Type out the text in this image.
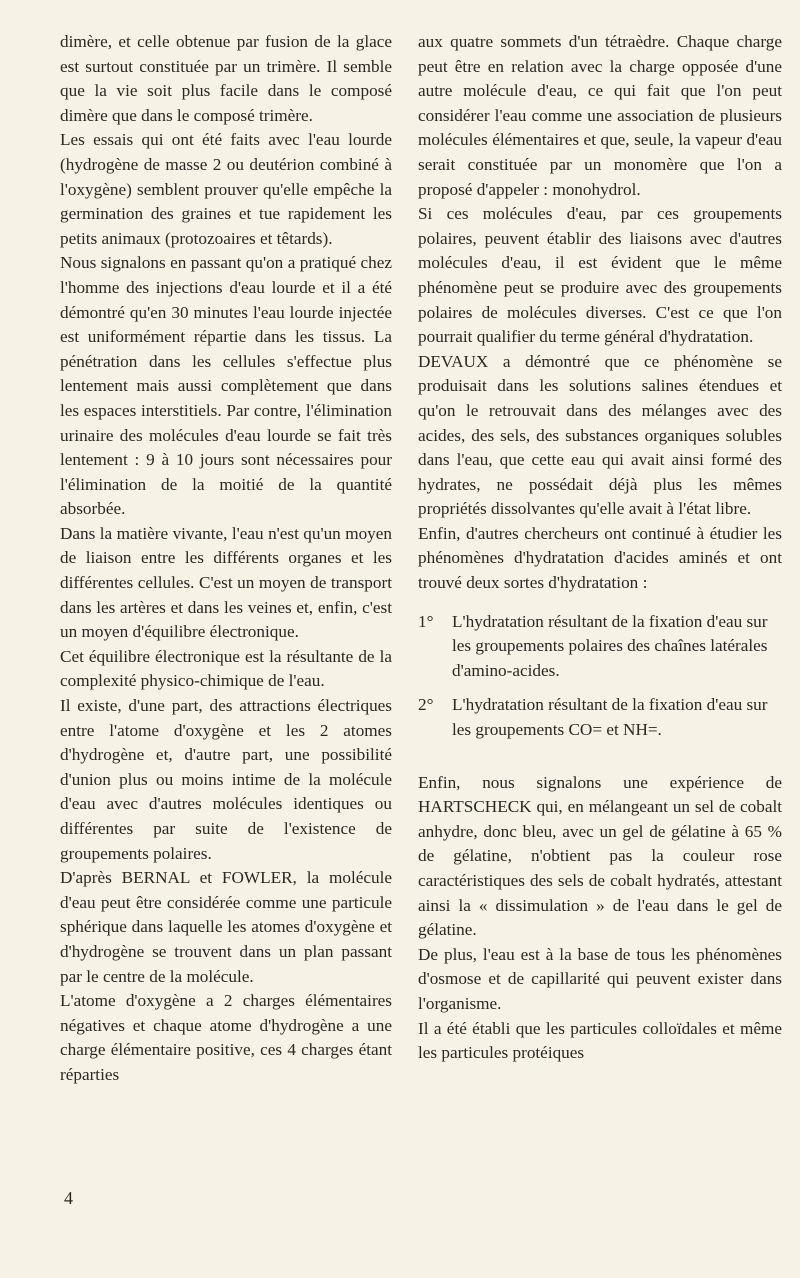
dimère, et celle obtenue par fusion de la glace est surtout constituée par un trimère. Il semble que la vie soit plus facile dans le composé dimère que dans le composé trimère.

Les essais qui ont été faits avec l'eau lourde (hydrogène de masse 2 ou deutérion combiné à l'oxygène) semblent prouver qu'elle empêche la germination des graines et tue rapidement les petits animaux (protozoaires et têtards).

Nous signalons en passant qu'on a pratiqué chez l'homme des injections d'eau lourde et il a été démontré qu'en 30 minutes l'eau lourde injectée est uniformément répartie dans les tissus. La pénétration dans les cellules s'effectue plus lentement mais aussi complètement que dans les espaces interstitiels. Par contre, l'élimination urinaire des molécules d'eau lourde se fait très lentement : 9 à 10 jours sont nécessaires pour l'élimination de la moitié de la quantité absorbée.

Dans la matière vivante, l'eau n'est qu'un moyen de liaison entre les différents organes et les différentes cellules. C'est un moyen de transport dans les artères et dans les veines et, enfin, c'est un moyen d'équilibre électronique.

Cet équilibre électronique est la résultante de la complexité physico-chimique de l'eau.

Il existe, d'une part, des attractions électriques entre l'atome d'oxygène et les 2 atomes d'hydrogène et, d'autre part, une possibilité d'union plus ou moins intime de la molécule d'eau avec d'autres molécules identiques ou différentes par suite de l'existence de groupements polaires.

D'après BERNAL et FOWLER, la molécule d'eau peut être considérée comme une particule sphérique dans laquelle les atomes d'oxygène et d'hydrogène se trouvent dans un plan passant par le centre de la molécule.

L'atome d'oxygène a 2 charges élémentaires négatives et chaque atome d'hydrogène a une charge élémentaire positive, ces 4 charges étant réparties

aux quatre sommets d'un tétraèdre. Chaque charge peut être en relation avec la charge opposée d'une autre molécule d'eau, ce qui fait que l'on peut considérer l'eau comme une association de plusieurs molécules élémentaires et que, seule, la vapeur d'eau serait constituée par un monomère que l'on a proposé d'appeler : monohydrol.

Si ces molécules d'eau, par ces groupements polaires, peuvent établir des liaisons avec d'autres molécules d'eau, il est évident que le même phénomène peut se produire avec des groupements polaires de molécules diverses. C'est ce que l'on pourrait qualifier du terme général d'hydratation.

DEVAUX a démontré que ce phénomène se produisait dans les solutions salines étendues et qu'on le retrouvait dans des mélanges avec des acides, des sels, des substances organiques solubles dans l'eau, que cette eau qui avait ainsi formé des hydrates, ne possédait déjà plus les mêmes propriétés dissolvantes qu'elle avait à l'état libre.

Enfin, d'autres chercheurs ont continué à étudier les phénomènes d'hydratation d'acides aminés et ont trouvé deux sortes d'hydratation :

1°	L'hydratation résultant de la fixation d'eau sur les groupements polaires des chaînes latérales d'amino-acides.
2°	L'hydratation résultant de la fixation d'eau sur les groupements CO= et NH=.

Enfin, nous signalons une expérience de HARTSCHECK qui, en mélangeant un sel de cobalt anhydre, donc bleu, avec un gel de gélatine à 65 % de gélatine, n'obtient pas la couleur rose caractéristiques des sels de cobalt hydratés, attestant ainsi la « dissimulation » de l'eau dans le gel de gélatine.

De plus, l'eau est à la base de tous les phénomènes d'osmose et de capillarité qui peuvent exister dans l'organisme.

Il a été établi que les particules colloïdales et même les particules protéiques

4
